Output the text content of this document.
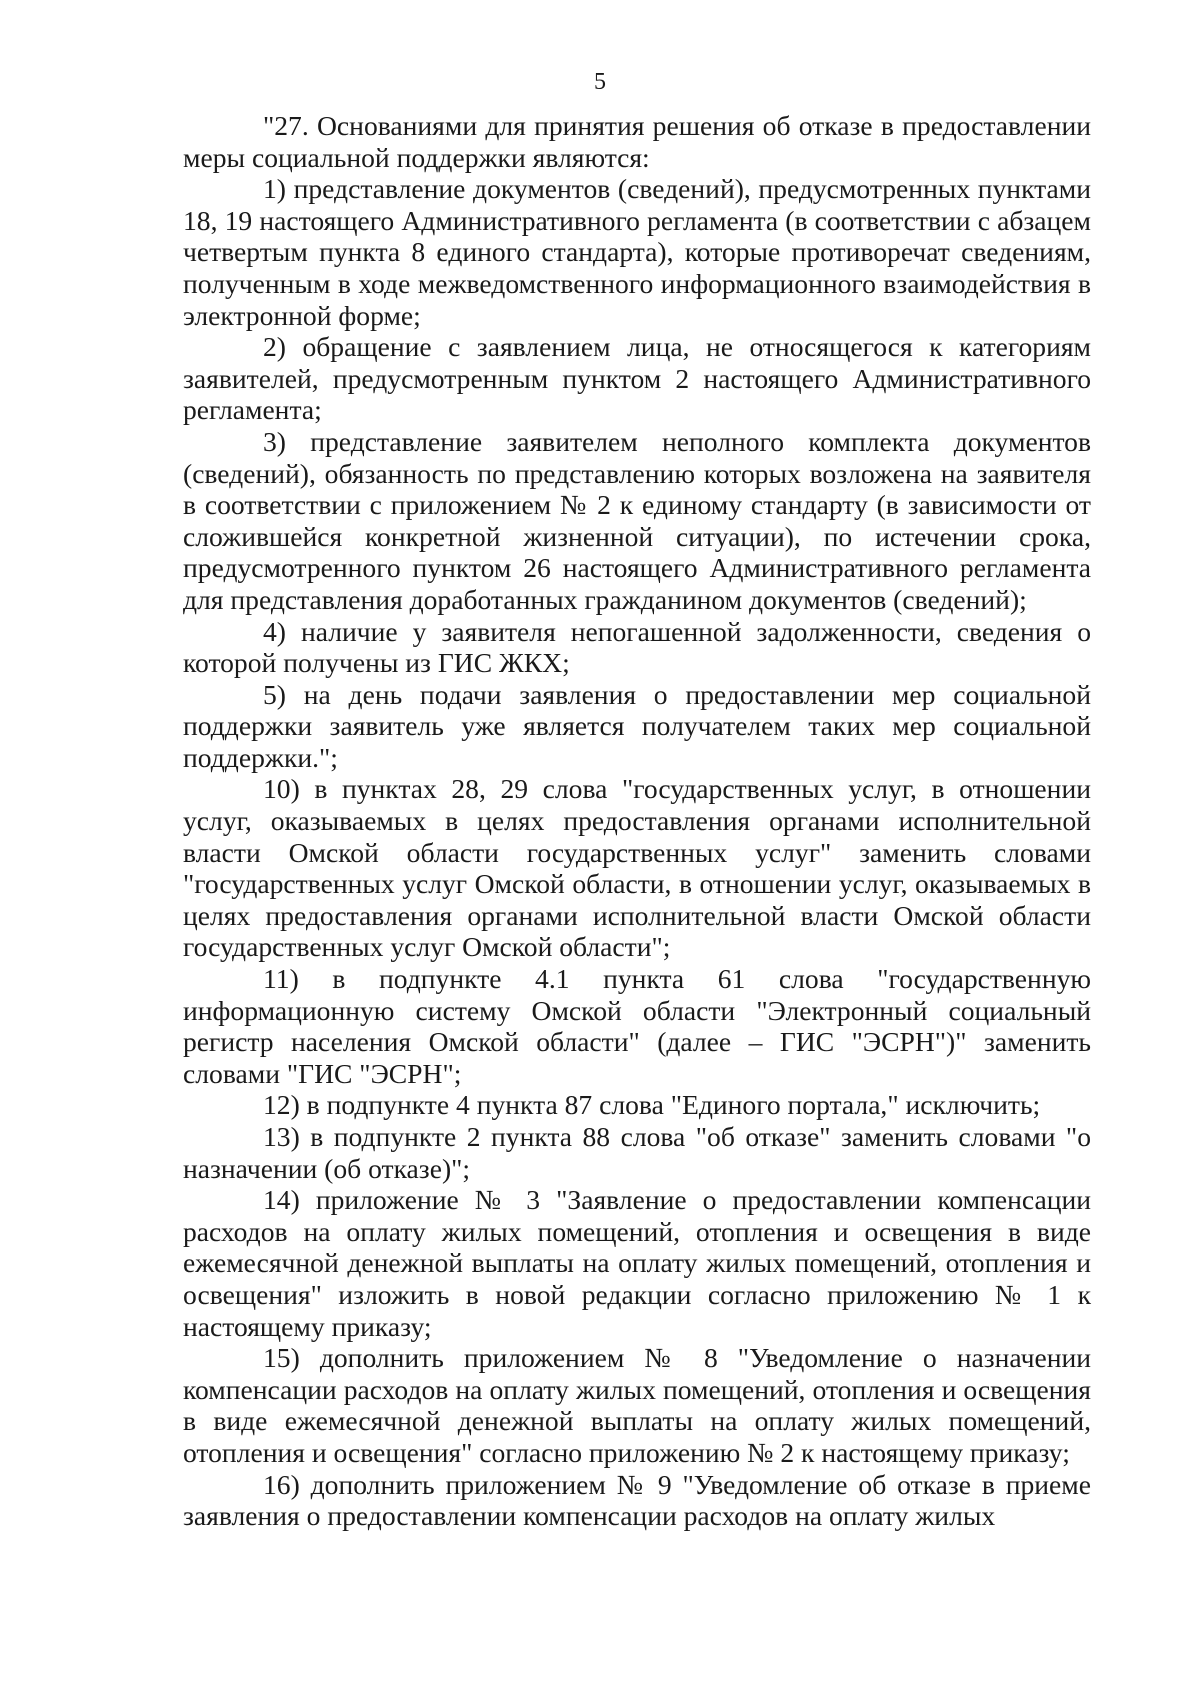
5

"27. Основаниями для принятия решения об отказе в предоставлении меры социальной поддержки являются:

1) представление документов (сведений), предусмотренных пунктами 18, 19 настоящего Административного регламента (в соответствии с абзацем четвертым пункта 8 единого стандарта), которые противоречат сведениям, полученным в ходе межведомственного информационного взаимодействия в электронной форме;

2) обращение с заявлением лица, не относящегося к категориям заявителей, предусмотренным пунктом 2 настоящего Административного регламента;

3) представление заявителем неполного комплекта документов (сведений), обязанность по представлению которых возложена на заявителя в соответствии с приложением № 2 к единому стандарту (в зависимости от сложившейся конкретной жизненной ситуации), по истечении срока, предусмотренного пунктом 26 настоящего Административного регламента для представления доработанных гражданином документов (сведений);

4) наличие у заявителя непогашенной задолженности, сведения о которой получены из ГИС ЖКХ;

5) на день подачи заявления о предоставлении мер социальной поддержки заявитель уже является получателем таких мер социальной поддержки.";

10) в пунктах 28, 29 слова "государственных услуг, в отношении услуг, оказываемых в целях предоставления органами исполнительной власти Омской области государственных услуг" заменить словами "государственных услуг Омской области, в отношении услуг, оказываемых в целях предоставления органами исполнительной власти Омской области государственных услуг Омской области";

11) в подпункте 4.1 пункта 61 слова "государственную информационную систему Омской области "Электронный социальный регистр населения Омской области" (далее – ГИС "ЭСРН")" заменить словами "ГИС "ЭСРН";

12) в подпункте 4 пункта 87 слова "Единого портала," исключить;

13) в подпункте 2 пункта 88 слова "об отказе" заменить словами "о назначении (об отказе)";

14) приложение № 3 "Заявление о предоставлении компенсации расходов на оплату жилых помещений, отопления и освещения в виде ежемесячной денежной выплаты на оплату жилых помещений, отопления и освещения" изложить в новой редакции согласно приложению № 1 к настоящему приказу;

15) дополнить приложением № 8 "Уведомление о назначении компенсации расходов на оплату жилых помещений, отопления и освещения в виде ежемесячной денежной выплаты на оплату жилых помещений, отопления и освещения" согласно приложению № 2 к настоящему приказу;

16) дополнить приложением № 9 "Уведомление об отказе в приеме заявления о предоставлении компенсации расходов на оплату жилых
